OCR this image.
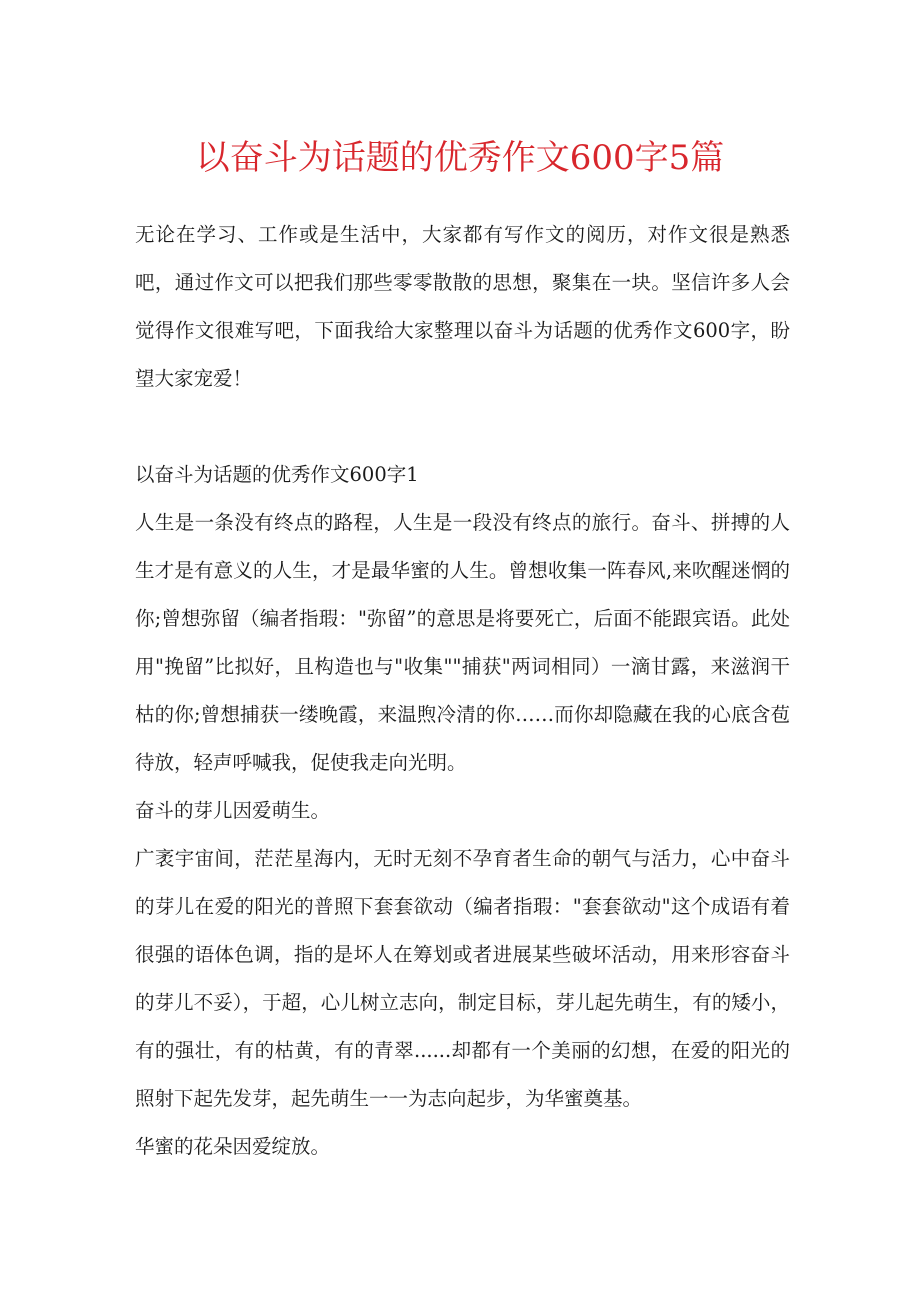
以奋斗为话题的优秀作文600字5篇

无论在学习、工作或是生活中，大家都有写作文的阅历，对作文很是熟悉吧，通过作文可以把我们那些零零散散的思想，聚集在一块。坚信许多人会觉得作文很难写吧，下面我给大家整理以奋斗为话题的优秀作文600字，盼望大家宠爱！

以奋斗为话题的优秀作文600字1

人生是一条没有终点的路程，人生是一段没有终点的旅行。奋斗、拼搏的人生才是有意义的人生，才是最华蜜的人生。曾想收集一阵春风,来吹醒迷惘的你;曾想弥留（编者指瑕："弥留”的意思是将要死亡，后面不能跟宾语。此处用"挽留”比拟好，且构造也与"收集""捕获"两词相同）一滴甘露，来滋润干枯的你;曾想捕获一缕晚霞，来温煦冷清的你……而你却隐藏在我的心底含苞待放，轻声呼喊我，促使我走向光明。

奋斗的芽儿因爱萌生。

广袤宇宙间，茫茫星海内，无时无刻不孕育者生命的朝气与活力，心中奋斗的芽儿在爱的阳光的普照下套套欲动（编者指瑕："套套欲动"这个成语有着很强的语体色调，指的是坏人在筹划或者进展某些破坏活动，用来形容奋斗的芽儿不妥），于超，心儿树立志向，制定目标，芽儿起先萌生，有的矮小，有的强壮，有的枯黄，有的青翠......却都有一个美丽的幻想，在爱的阳光的照射下起先发芽，起先萌生一一为志向起步，为华蜜奠基。

华蜜的花朵因爱绽放。
